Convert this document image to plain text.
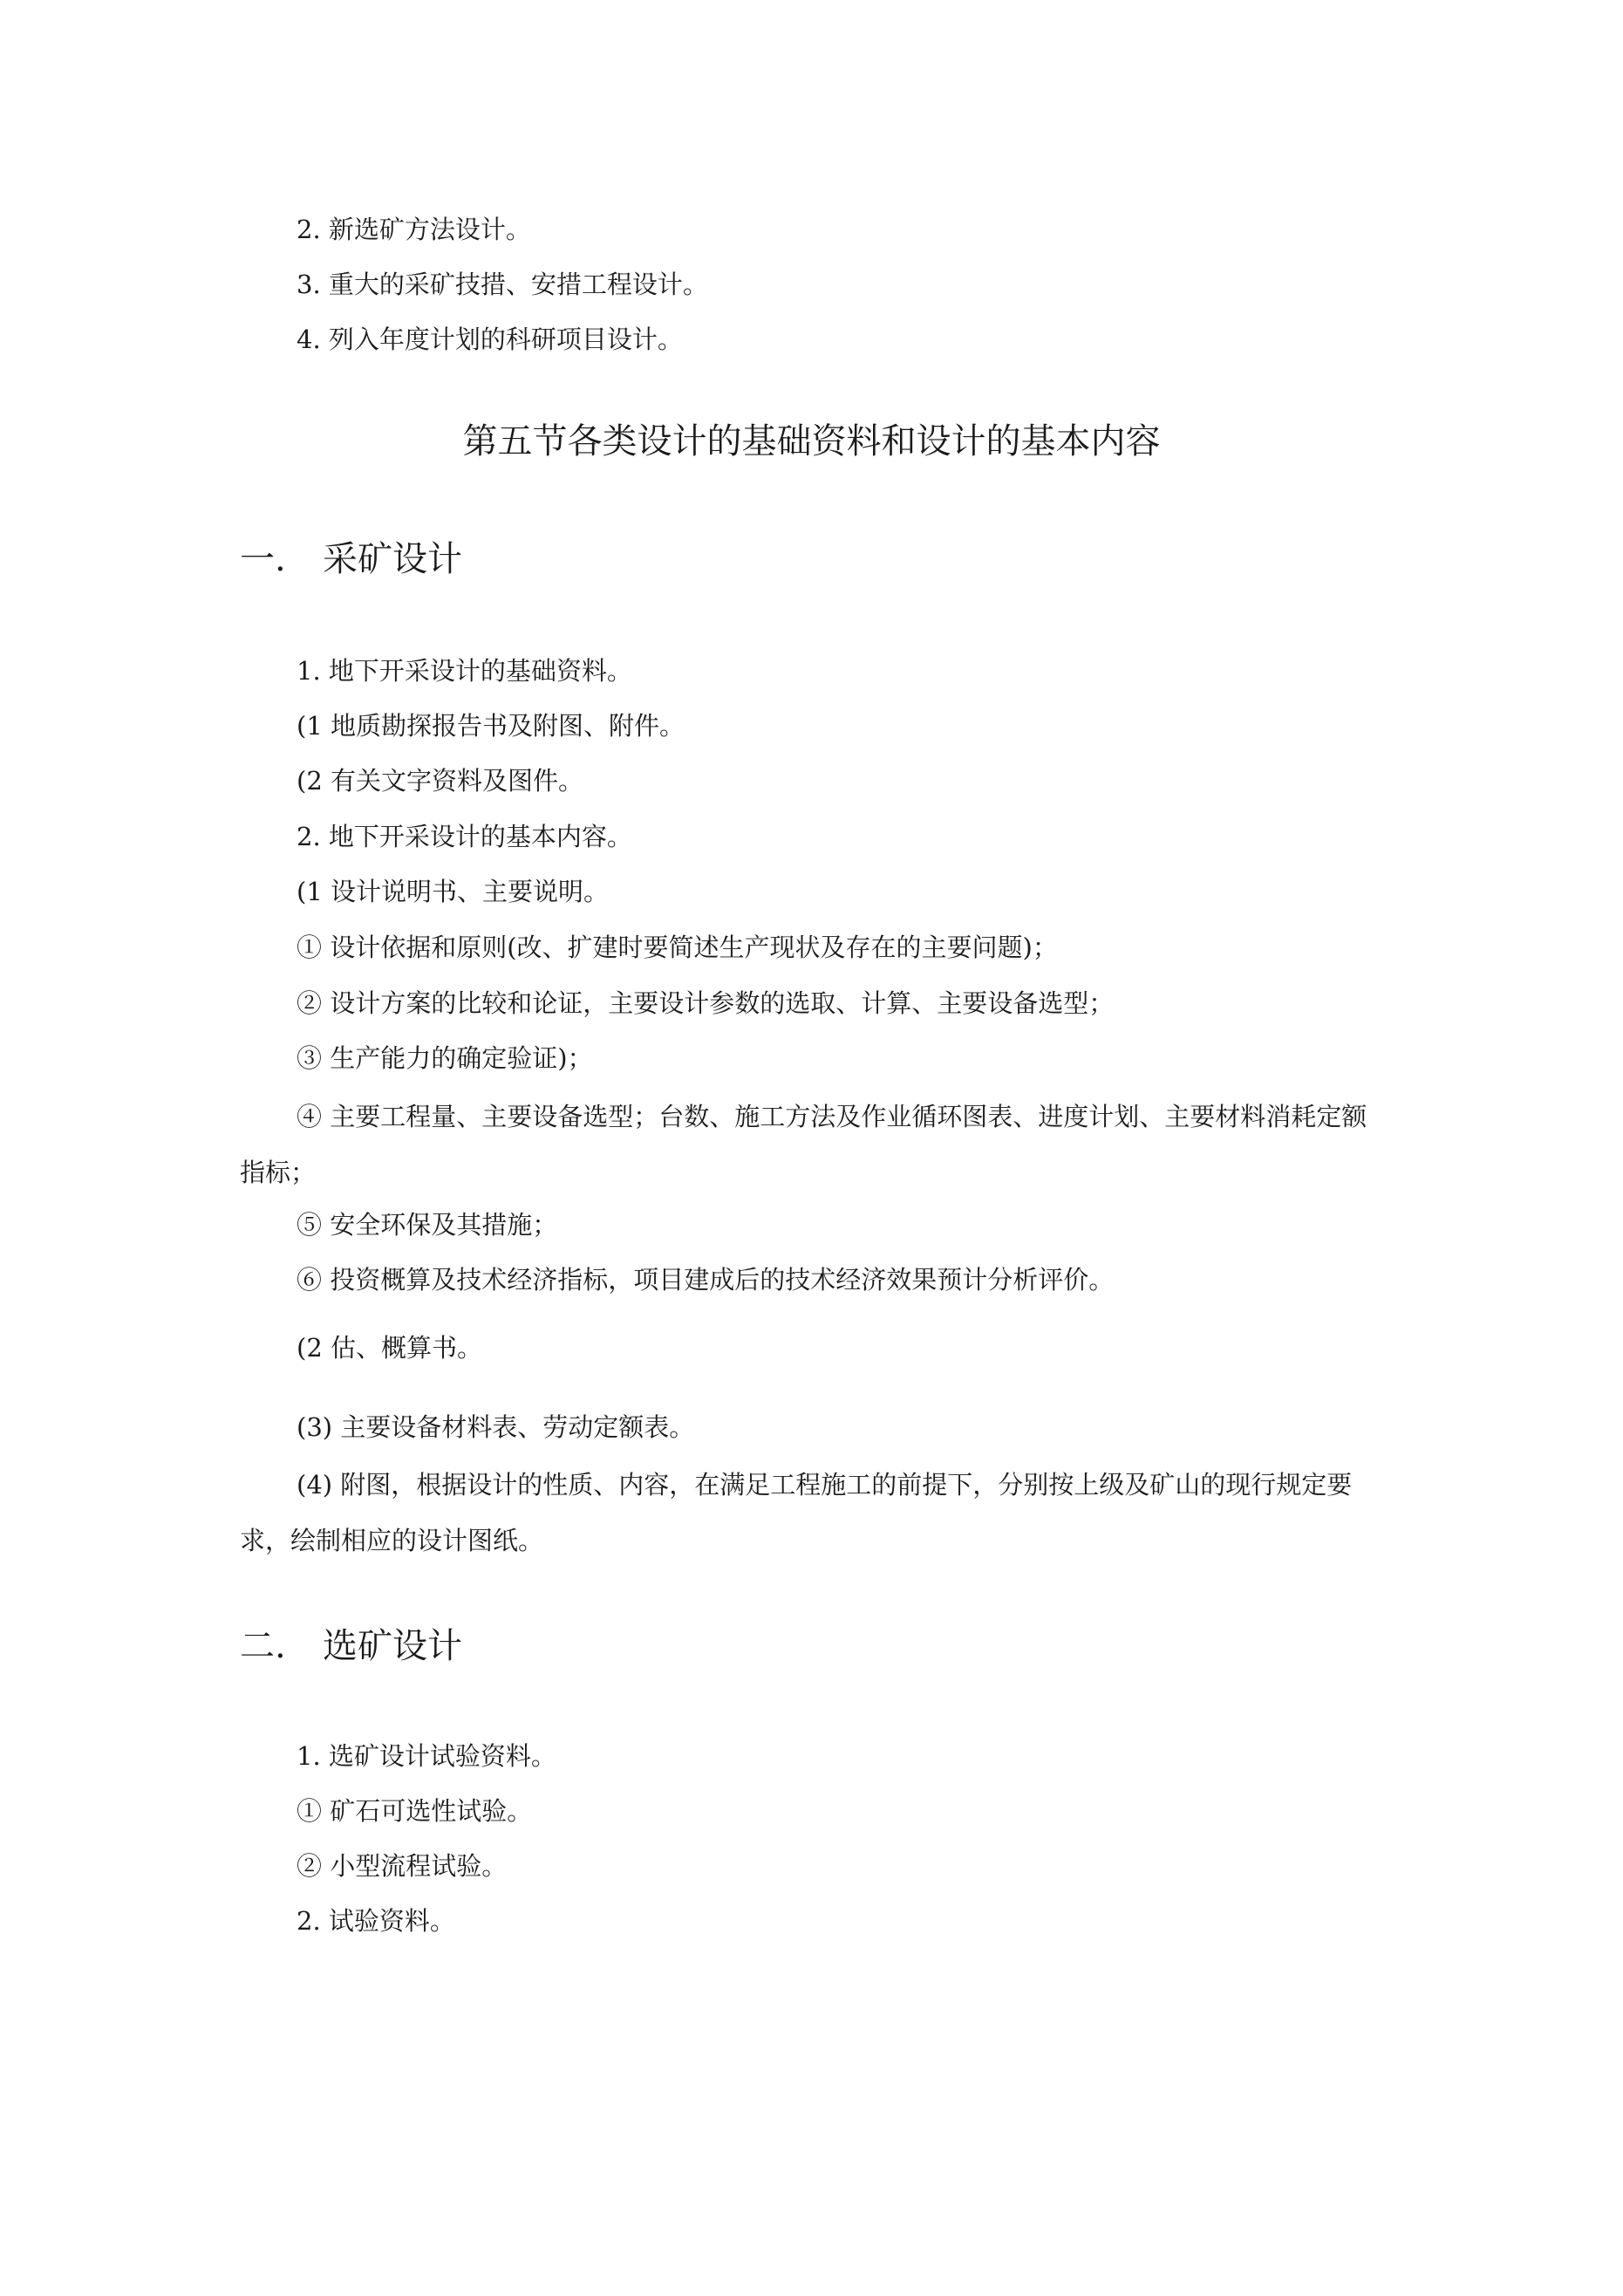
2. 新选矿方法设计。
3. 重大的采矿技措、安措工程设计。
4. 列入年度计划的科研项目设计。
第五节各类设计的基础资料和设计的基本内容
一. 采矿设计
1. 地下开采设计的基础资料。
(1 地质勘探报告书及附图、附件。
(2 有关文字资料及图件。
2. 地下开采设计的基本内容。
(1 设计说明书、主要说明。
① 设计依据和原则(改、扩建时要简述生产现状及存在的主要问题)；
② 设计方案的比较和论证，主要设计参数的选取、计算、主要设备选型；
③ 生产能力的确定验证)；
④ 主要工程量、主要设备选型；台数、施工方法及作业循环图表、进度计划、主要材料消耗定额指标；
⑤ 安全环保及其措施；
⑥ 投资概算及技术经济指标，项目建成后的技术经济效果预计分析评价。
(2 估、概算书。
(3) 主要设备材料表、劳动定额表。
(4) 附图，根据设计的性质、内容，在满足工程施工的前提下，分别按上级及矿山的现行规定要求，绘制相应的设计图纸。
二. 选矿设计
1. 选矿设计试验资料。
① 矿石可选性试验。
② 小型流程试验。
2. 试验资料。
